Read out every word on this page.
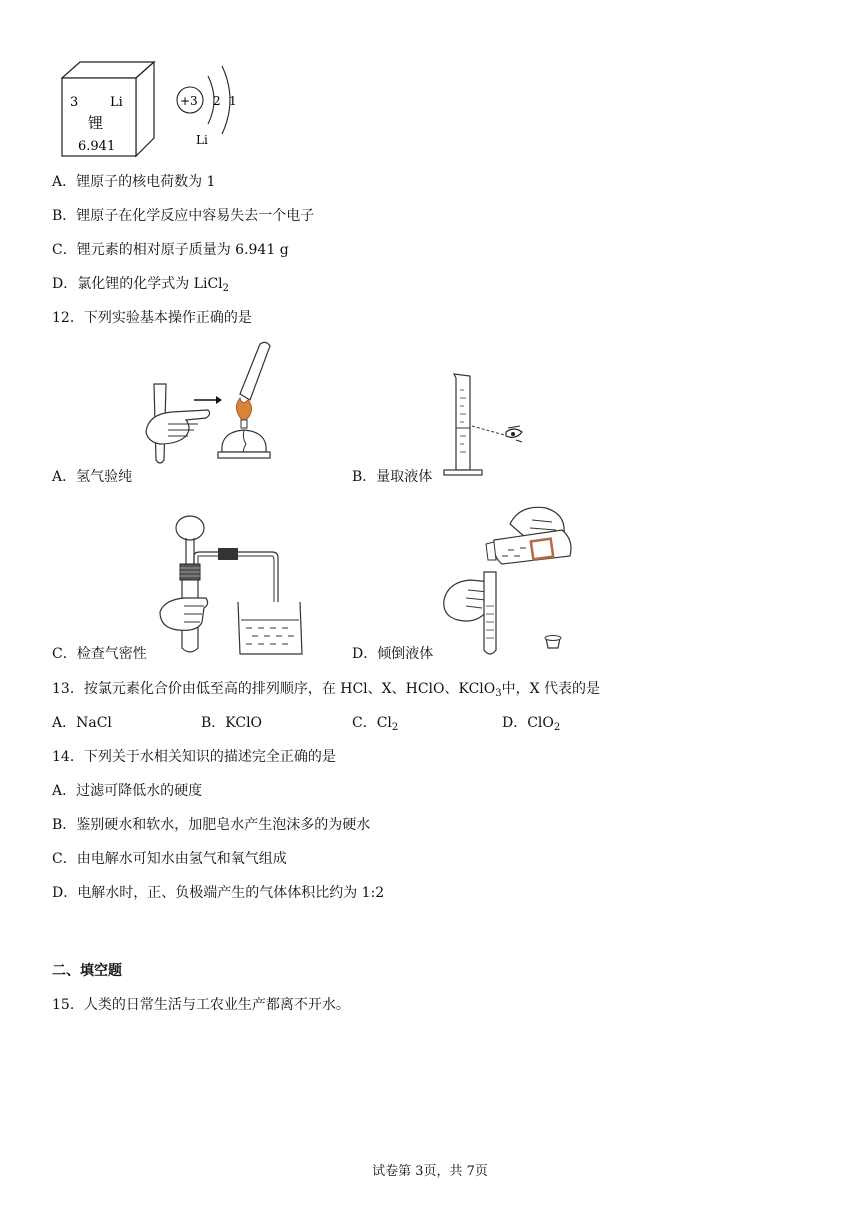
3 Li
锂
6.941
+3 2 1
Li
A．锂原子的核电荷数为 1
B．锂原子在化学反应中容易失去一个电子
C．锂元素的相对原子质量为 6.941 g
D．氯化锂的化学式为 LiCl$_2$
12．下列实验基本操作正确的是
A．氢气验纯	B．量取液体
C．检查气密性	D．倾倒液体
13．按氯元素化合价由低至高的排列顺序，在 HCl、X、HClO、KClO$_3$中，X 代表的是
A．NaCl	B．KClO	C．$Cl_2$	D．ClO$_2$
14．下列关于水相关知识的描述完全正确的是
A．过滤可降低水的硬度
B．鉴别硬水和软水，加肥皂水产生泡沫多的为硬水
C．由电解水可知水由氢气和氧气组成
D．电解水时，正、负极端产生的气体体积比约为 1:2
二、填空题
15．人类的日常生活与工农业生产都离不开水。
试卷第 3页，共 7页
